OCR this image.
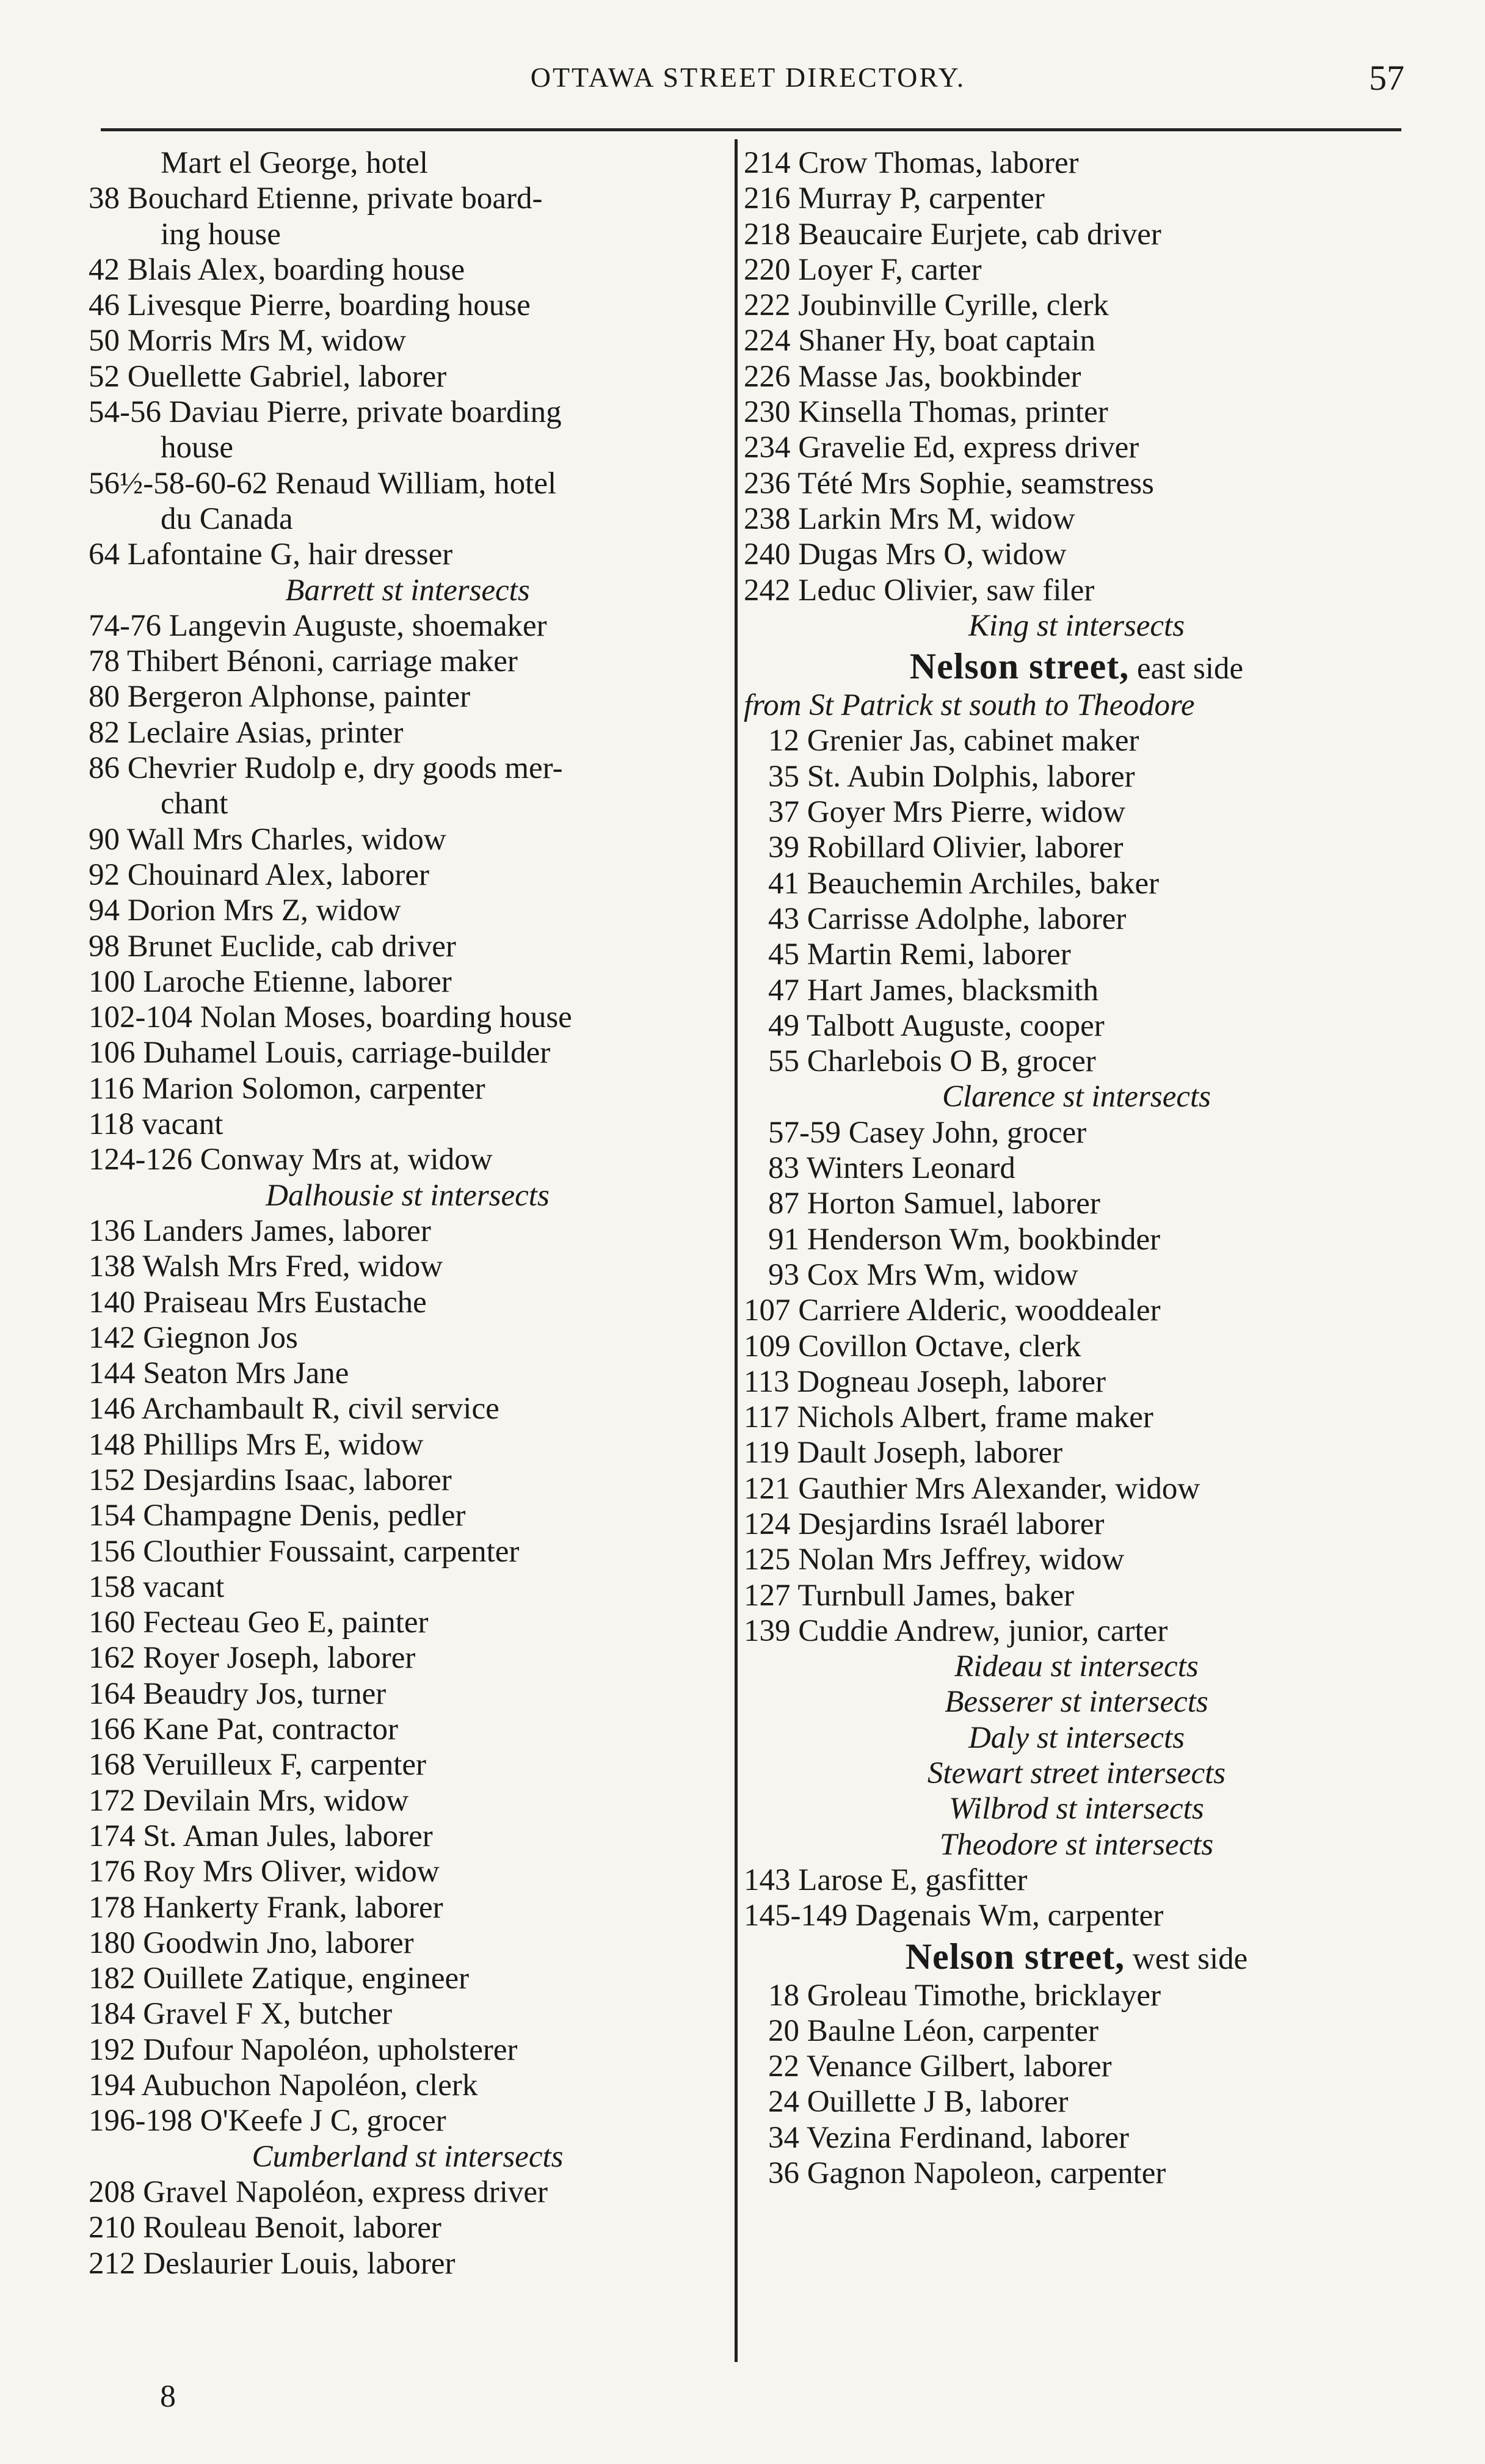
OTTAWA STREET DIRECTORY.	57
Mart el George, hotel
38 Bouchard Etienne, private board-
ing house
42 Blais Alex, boarding house
46 Livesque Pierre, boarding house
50 Morris Mrs M, widow
52 Ouellette Gabriel, laborer
54-56 Daviau Pierre, private boarding
house
56½-58-60-62 Renaud William, hotel
du Canada
64 Lafontaine G, hair dresser
Barrett st intersects
74-76 Langevin Auguste, shoemaker
78 Thibert Bénoni, carriage maker
80 Bergeron Alphonse, painter
82 Leclaire Asias, printer
86 Chevrier Rudolp e, dry goods mer-
chant
90 Wall Mrs Charles, widow
92 Chouinard Alex, laborer
94 Dorion Mrs Z, widow
98 Brunet Euclide, cab driver
100 Laroche Etienne, laborer
102-104 Nolan Moses, boarding house
106 Duhamel Louis, carriage-builder
116 Marion Solomon, carpenter
118 vacant
124-126 Conway Mrs at, widow
Dalhousie st intersects
136 Landers James, laborer
138 Walsh Mrs Fred, widow
140 Praiseau Mrs Eustache
142 Giegnon Jos
144 Seaton Mrs Jane
146 Archambault R, civil service
148 Phillips Mrs E, widow
152 Desjardins Isaac, laborer
154 Champagne Denis, pedler
156 Clouthier Foussaint, carpenter
158 vacant
160 Fecteau Geo E, painter
162 Royer Joseph, laborer
164 Beaudry Jos, turner
166 Kane Pat, contractor
168 Veruilleux F, carpenter
172 Devilain Mrs, widow
174 St. Aman Jules, laborer
176 Roy Mrs Oliver, widow
178 Hankerty Frank, laborer
180 Goodwin Jno, laborer
182 Ouillete Zatique, engineer
184 Gravel F X, butcher
192 Dufour Napoléon, upholsterer
194 Aubuchon Napoléon, clerk
196-198 O'Keefe J C, grocer
Cumberland st intersects
208 Gravel Napoléon, express driver
210 Rouleau Benoit, laborer
212 Deslaurier Louis, laborer
214 Crow Thomas, laborer
216 Murray P, carpenter
218 Beaucaire Eurjete, cab driver
220 Loyer F, carter
222 Joubinville Cyrille, clerk
224 Shaner Hy, boat captain
226 Masse Jas, bookbinder
230 Kinsella Thomas, printer
234 Gravelie Ed, express driver
236 Tété Mrs Sophie, seamstress
238 Larkin Mrs M, widow
240 Dugas Mrs O, widow
242 Leduc Olivier, saw filer
King st intersects
Nelson street, east side
from St Patrick st south to Theodore
12 Grenier Jas, cabinet maker
35 St. Aubin Dolphis, laborer
37 Goyer Mrs Pierre, widow
39 Robillard Olivier, laborer
41 Beauchemin Archiles, baker
43 Carrisse Adolphe, laborer
45 Martin Remi, laborer
47 Hart James, blacksmith
49 Talbott Auguste, cooper
55 Charlebois O B, grocer
Clarence st intersects
57-59 Casey John, grocer
83 Winters Leonard
87 Horton Samuel, laborer
91 Henderson Wm, bookbinder
93 Cox Mrs Wm, widow
107 Carriere Alderic, wooddealer
109 Covillon Octave, clerk
113 Dogneau Joseph, laborer
117 Nichols Albert, frame maker
119 Dault Joseph, laborer
121 Gauthier Mrs Alexander, widow
124 Desjardins Israél laborer
125 Nolan Mrs Jeffrey, widow
127 Turnbull James, baker
139 Cuddie Andrew, junior, carter
Rideau st intersects
Besserer st intersects
Daly st intersects
Stewart street intersects
Wilbrod st intersects
Theodore st intersects
143 Larose E, gasfitter
145-149 Dagenais Wm, carpenter
Nelson street, west side
18 Groleau Timothe, bricklayer
20 Baulne Léon, carpenter
22 Venance Gilbert, laborer
24 Ouillette J B, laborer
34 Vezina Ferdinand, laborer
36 Gagnon Napoleon, carpenter
8
